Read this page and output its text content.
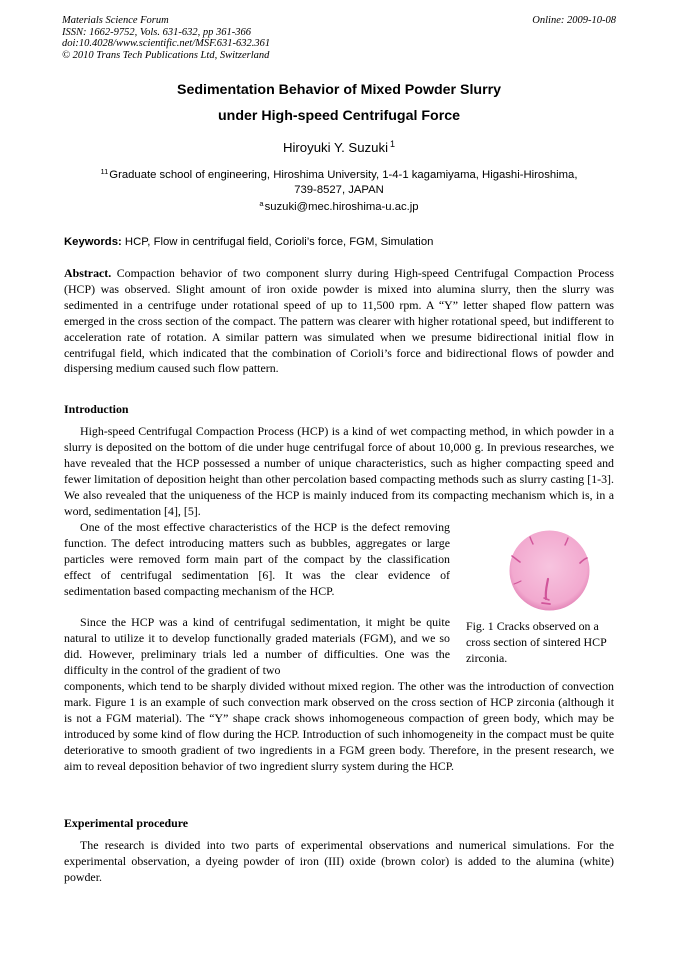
Materials Science Forum
ISSN: 1662-9752, Vols. 631-632, pp 361-366
doi:10.4028/www.scientific.net/MSF.631-632.361
© 2010 Trans Tech Publications Ltd, Switzerland
Online: 2009-10-08
Sedimentation Behavior of Mixed Powder Slurry
under High-speed Centrifugal Force
Hiroyuki Y. Suzuki $^1$
$^{11}$Graduate school of engineering, Hiroshima University, 1-4-1 kagamiyama, Higashi-Hiroshima,
739-8527, JAPAN
$^a$suzuki@mec.hiroshima-u.ac.jp
Keywords: HCP, Flow in centrifugal field, Corioli’s force, FGM, Simulation
Abstract. Compaction behavior of two component slurry during High-speed Centrifugal Compaction Process (HCP) was observed. Slight amount of iron oxide powder is mixed into alumina slurry, then the slurry was sedimented in a centrifuge under rotational speed of up to 11,500 rpm. A “Y” letter shaped flow pattern was emerged in the cross section of the compact. The pattern was clearer with higher rotational speed, but indifferent to acceleration rate of rotation. A similar pattern was simulated when we presume bidirectional initial flow in centrifugal field, which indicated that the combination of Corioli’s force and bidirectional flows of powder and dispersing medium caused such flow pattern.
Introduction
High-speed Centrifugal Compaction Process (HCP) is a kind of wet compacting method, in which powder in a slurry is deposited on the bottom of die under huge centrifugal force of about 10,000 g. In previous researches, we have revealed that the HCP possessed a number of unique characteristics, such as higher compacting speed and fewer limitation of deposition height than other percolation based compacting methods such as slurry casting [1-3]. We also revealed that the uniqueness of the HCP is mainly induced from its compacting mechanism which is, in a word, sedimentation [4], [5].
One of the most effective characteristics of the HCP is the defect removing function. The defect introducing matters such as bubbles, aggregates or large particles were removed form main part of the compact by the classification effect of centrifugal sedimentation [6]. It was the clear evidence of sedimentation based compacting mechanism of the HCP.
Since the HCP was a kind of centrifugal sedimentation, it might be quite natural to utilize it to develop functionally graded materials (FGM), and we so did. However, preliminary trials led a number of difficulties. One was the difficulty in the control of the gradient of two
components, which tend to be sharply divided without mixed region. The other was the introduction of convection mark. Figure 1 is an example of such convection mark observed on the cross section of HCP zirconia (although it is not a FGM material). The “Y” shape crack shows inhomogeneous compaction of green body, which may be introduced by some kind of flow during the HCP. Introduction of such inhomogeneity in the compact must be quite deteriorative to smooth gradient of two ingredients in a FGM green body. Therefore, in the present research, we aim to reveal deposition behavior of two ingredient slurry system during the HCP.
Fig. 1 Cracks observed on a cross section of sintered HCP zirconia.
Experimental procedure
The research is divided into two parts of experimental observations and numerical simulations. For the experimental observation, a dyeing powder of iron (III) oxide (brown color) is added to the alumina (white) powder.
